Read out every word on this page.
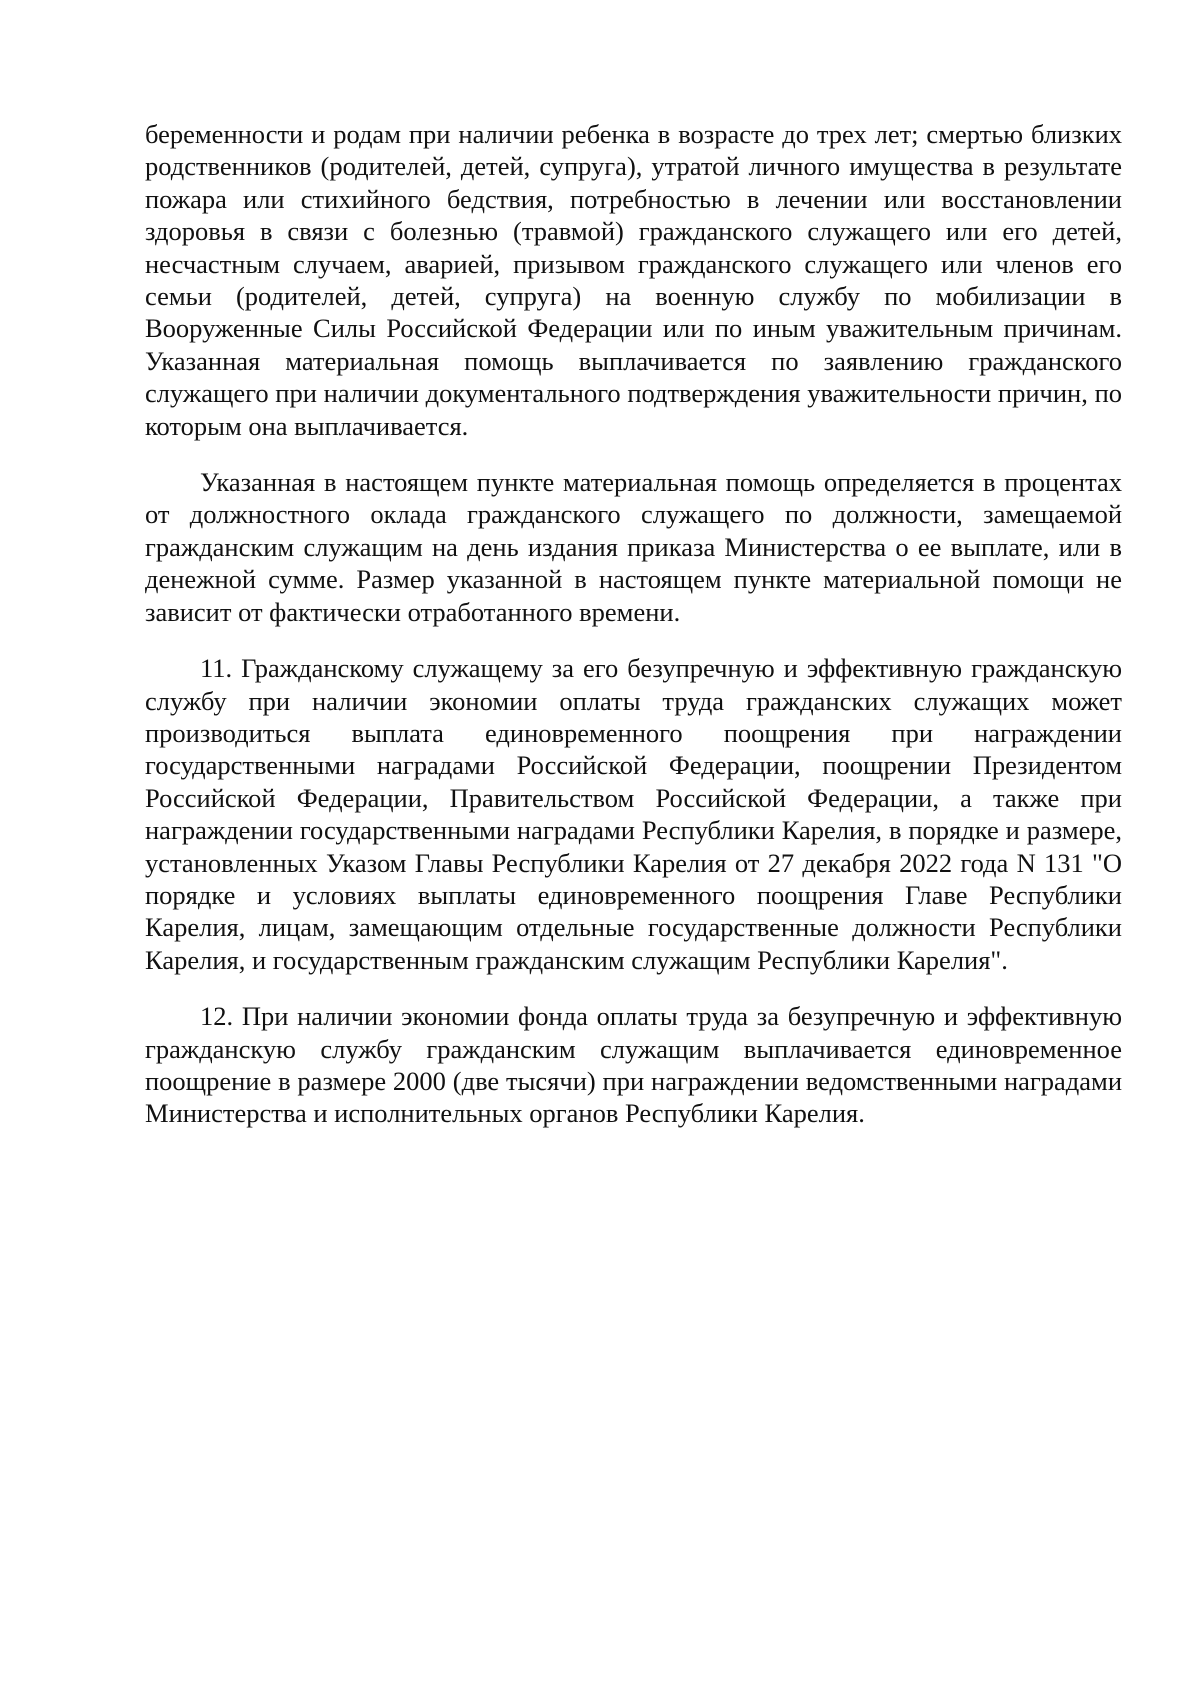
беременности и родам при наличии ребенка в возрасте до трех лет; смертью близких родственников (родителей, детей, супруга), утратой личного имущества в результате пожара или стихийного бедствия, потребностью в лечении или восстановлении здоровья в связи с болезнью (травмой) гражданского служащего или его детей, несчастным случаем, аварией, призывом гражданского служащего или членов его семьи (родителей, детей, супруга) на военную службу по мобилизации в Вооруженные Силы Российской Федерации или по иным уважительным причинам. Указанная материальная помощь выплачивается по заявлению гражданского служащего при наличии документального подтверждения уважительности причин, по которым она выплачивается.

Указанная в настоящем пункте материальная помощь определяется в процентах от должностного оклада гражданского служащего по должности, замещаемой гражданским служащим на день издания приказа Министерства о ее выплате, или в денежной сумме. Размер указанной в настоящем пункте материальной помощи не зависит от фактически отработанного времени.

11. Гражданскому служащему за его безупречную и эффективную гражданскую службу при наличии экономии оплаты труда гражданских служащих может производиться выплата единовременного поощрения при награждении государственными наградами Российской Федерации, поощрении Президентом Российской Федерации, Правительством Российской Федерации, а также при награждении государственными наградами Республики Карелия, в порядке и размере, установленных Указом Главы Республики Карелия от 27 декабря 2022 года N 131 "О порядке и условиях выплаты единовременного поощрения Главе Республики Карелия, лицам, замещающим отдельные государственные должности Республики Карелия, и государственным гражданским служащим Республики Карелия".

12. При наличии экономии фонда оплаты труда за безупречную и эффективную гражданскую службу гражданским служащим выплачивается единовременное поощрение в размере 2000 (две тысячи) при награждении ведомственными наградами Министерства и исполнительных органов Республики Карелия.
